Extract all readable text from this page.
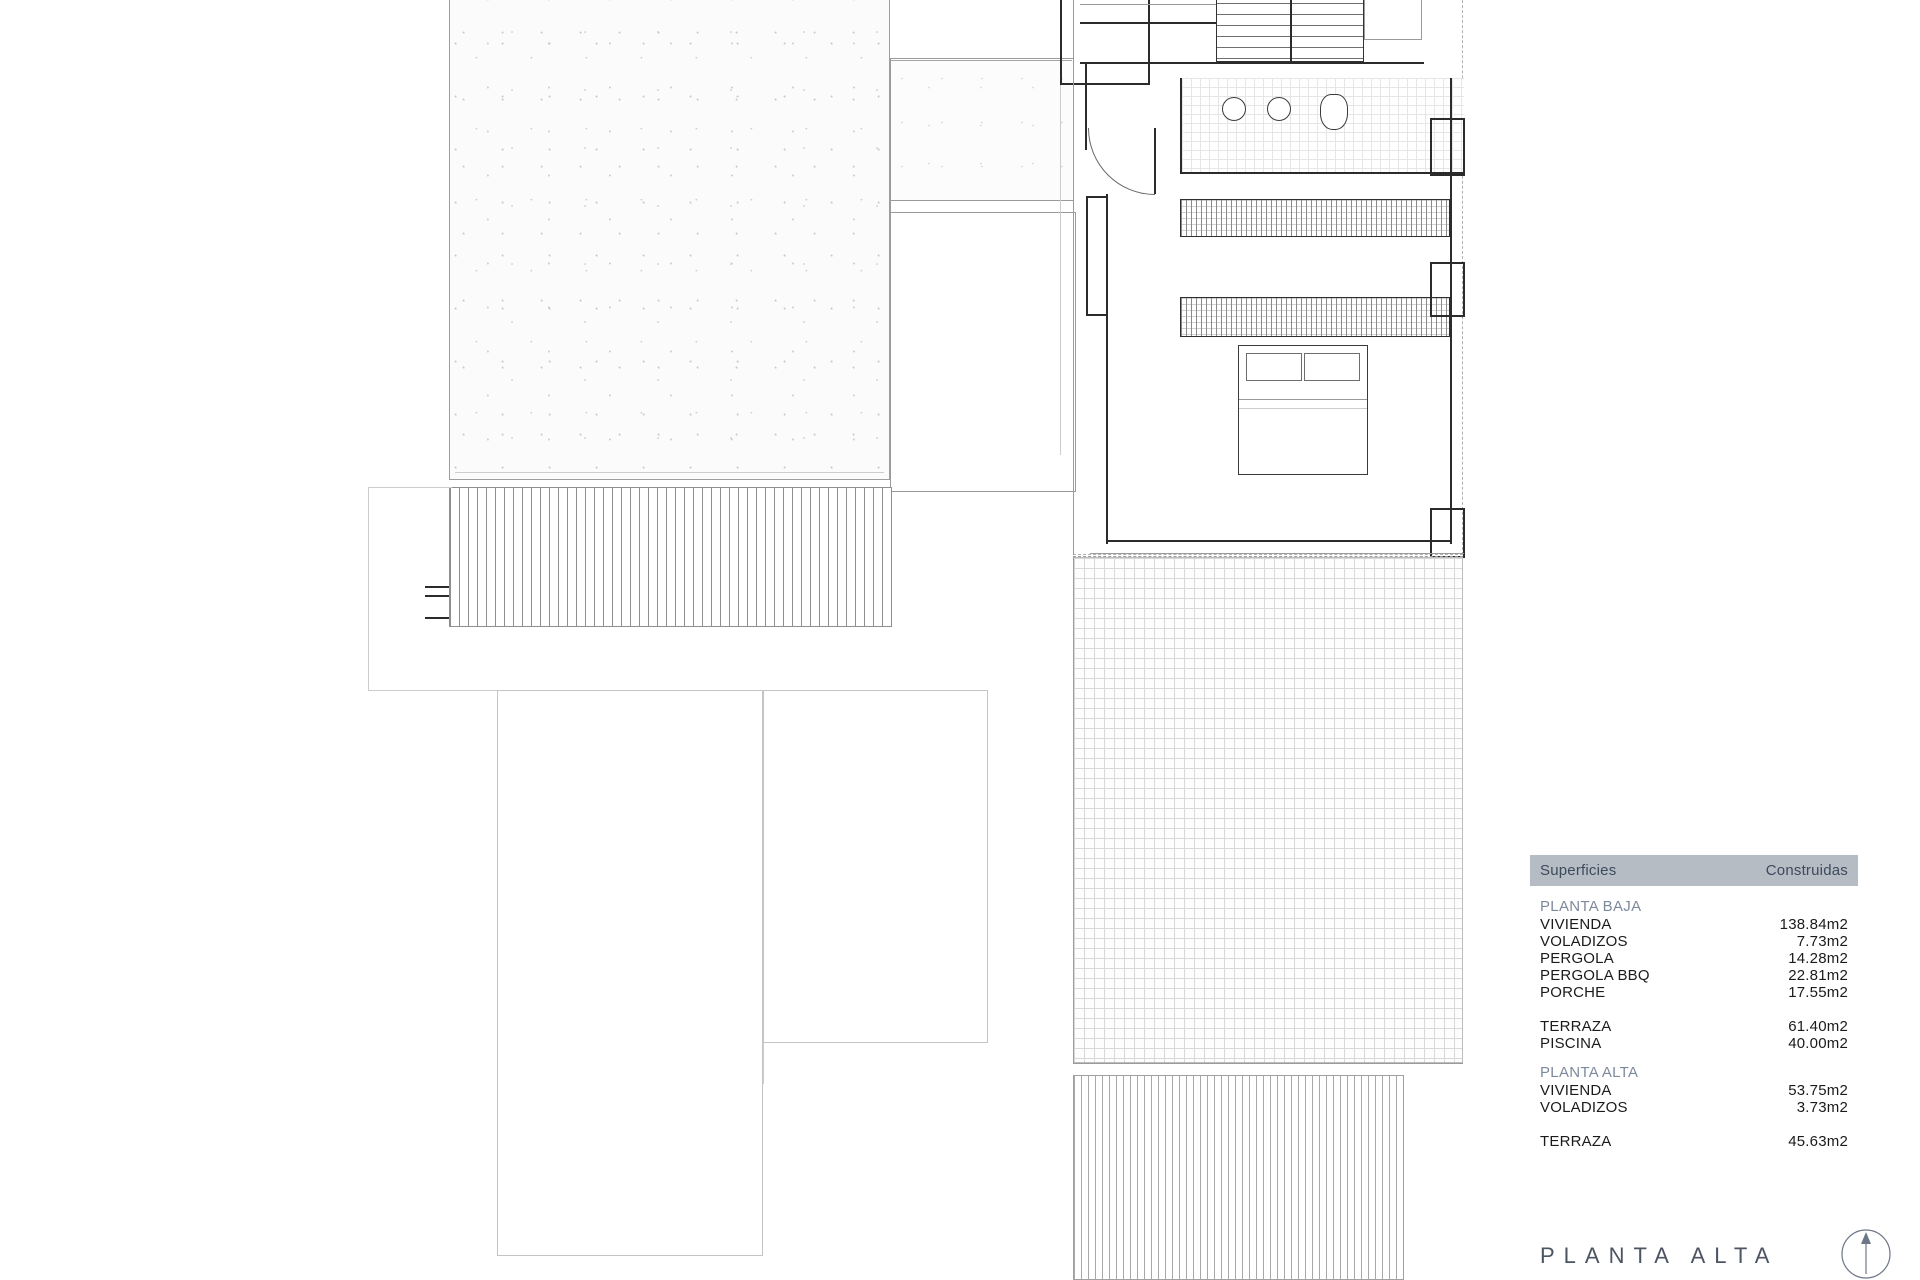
Superficies	Construidas
PLANTA BAJA
VIVIENDA	138.84m2
VOLADIZOS	7.73m2
PERGOLA	14.28m2
PERGOLA BBQ	22.81m2
PORCHE	17.55m2
TERRAZA	61.40m2
PISCINA	40.00m2
PLANTA ALTA
VIVIENDA	53.75m2
VOLADIZOS	3.73m2
TERRAZA	45.63m2
PLANTA ALTA
